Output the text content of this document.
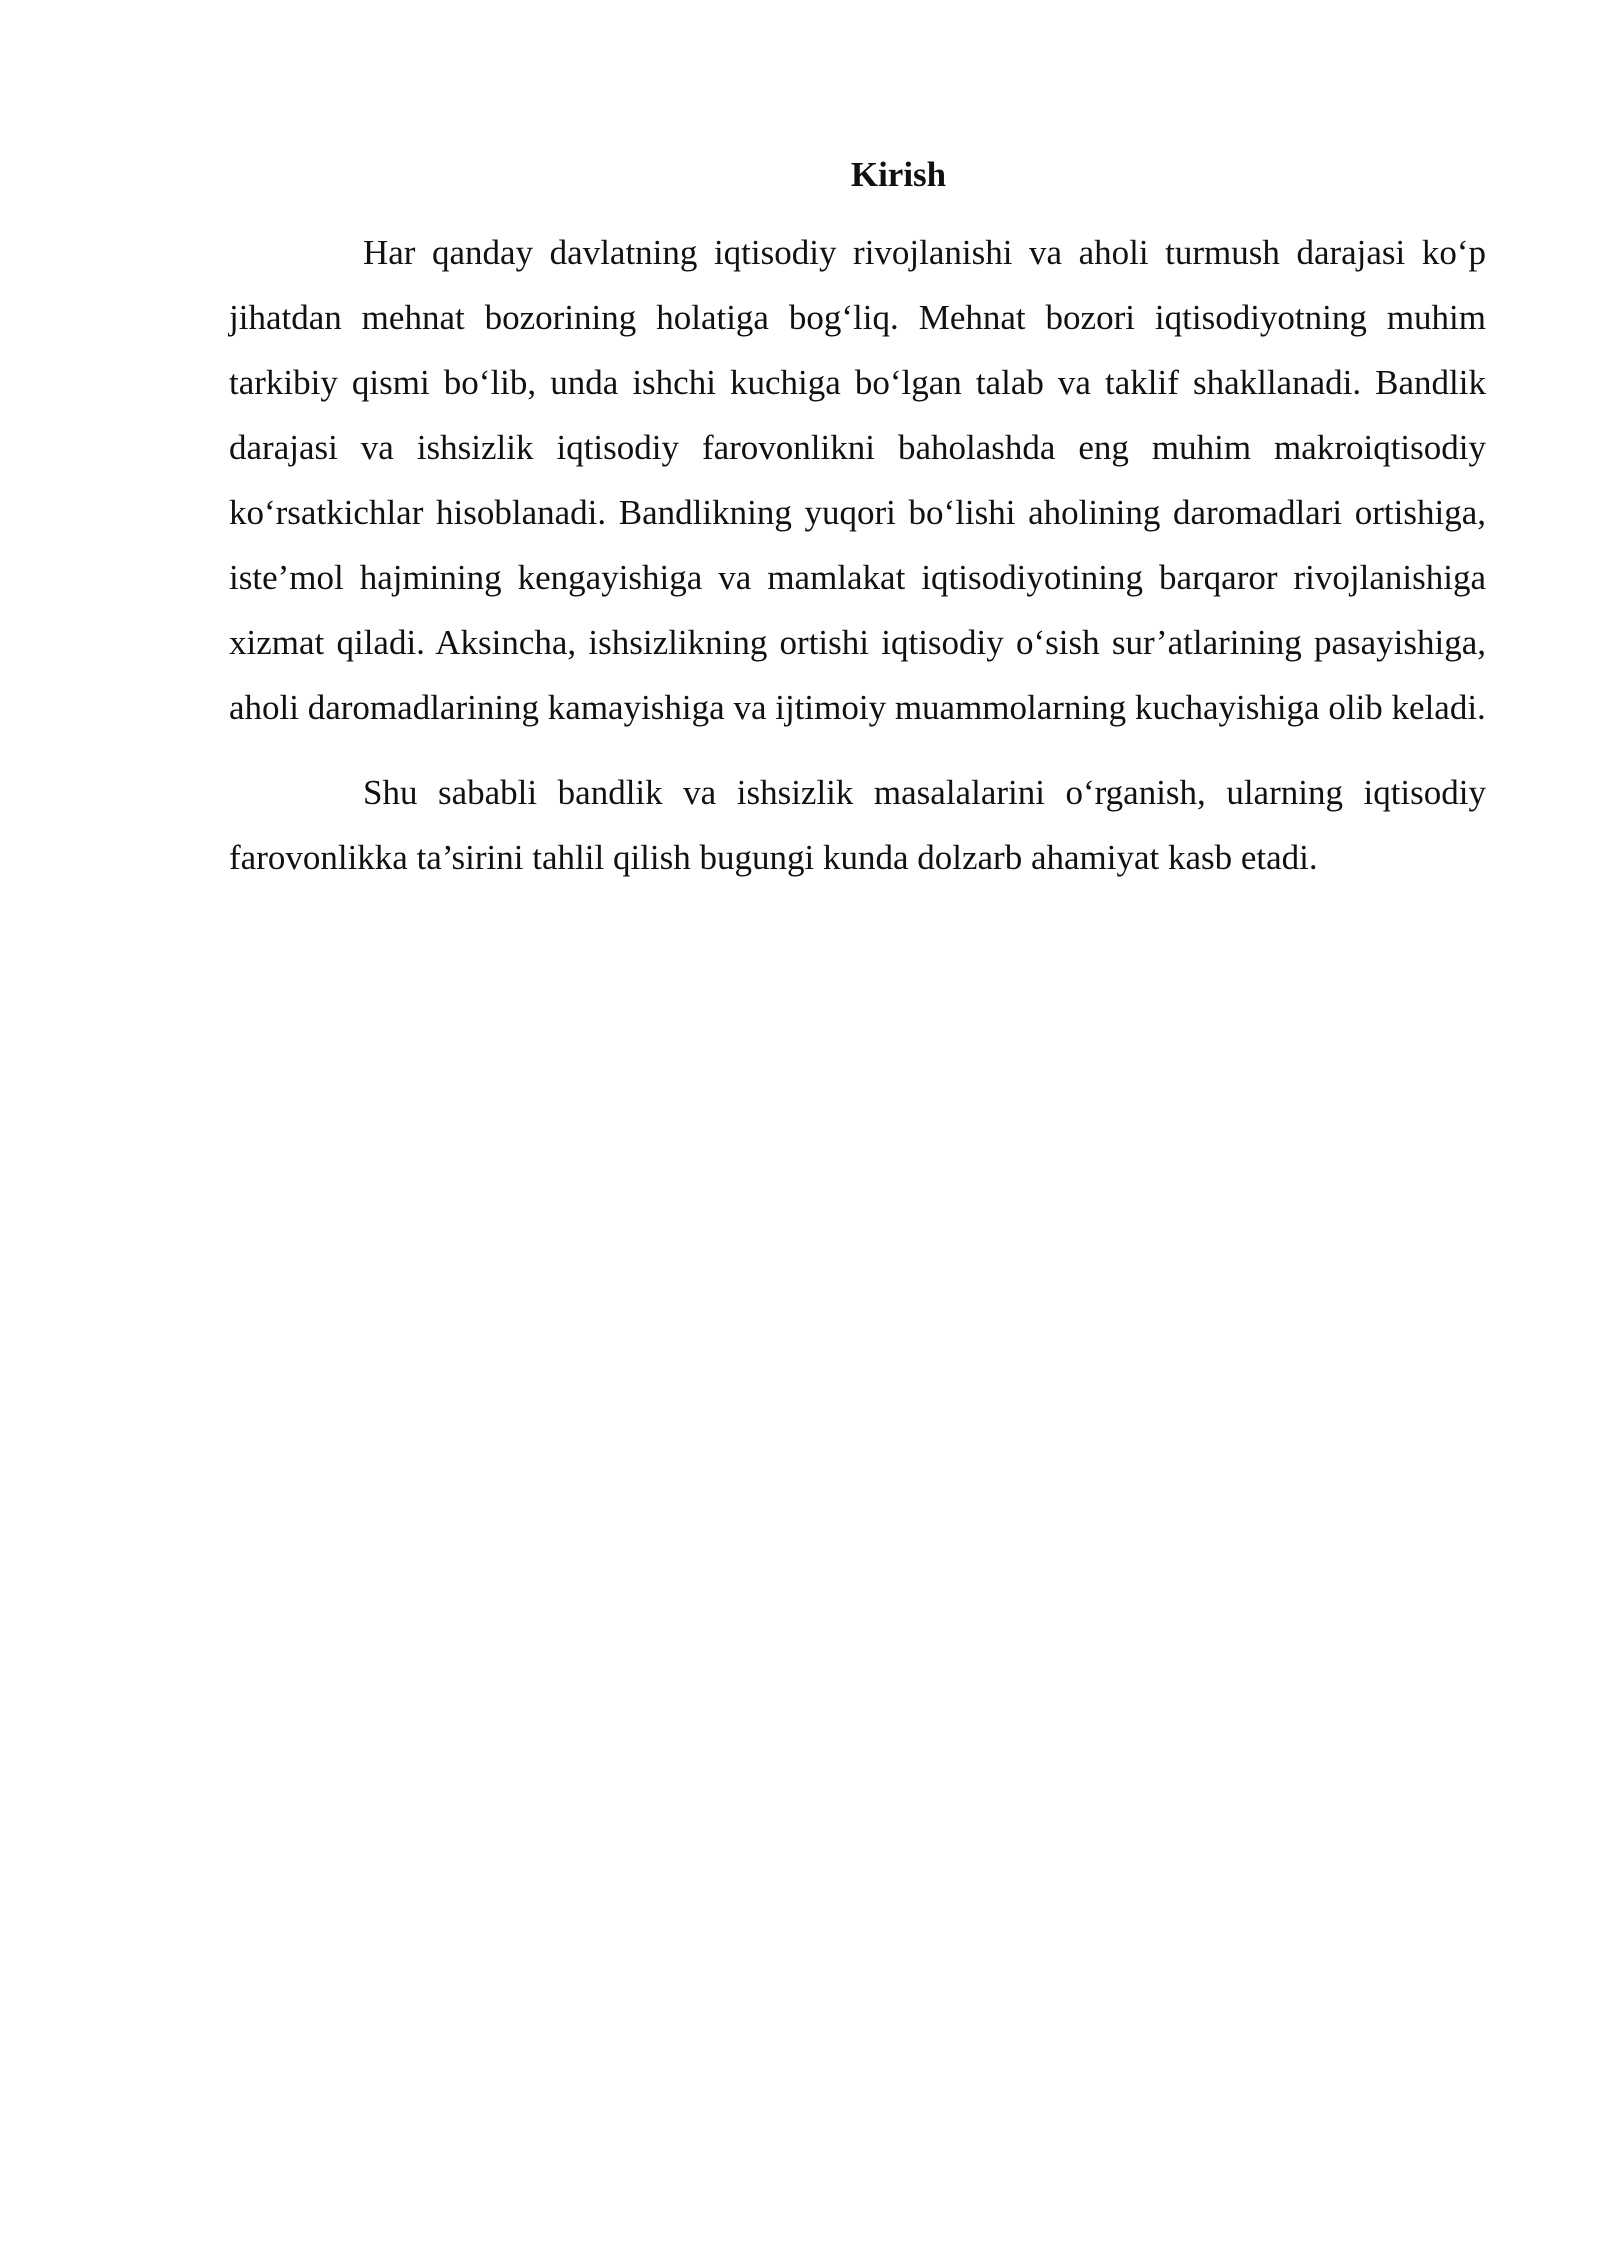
Kirish

Har qanday davlatning iqtisodiy rivojlanishi va aholi turmush darajasi ko‘p jihatdan mehnat bozorining holatiga bog‘liq. Mehnat bozori iqtisodiyotning muhim tarkibiy qismi bo‘lib, unda ishchi kuchiga bo‘lgan talab va taklif shakllanadi. Bandlik darajasi va ishsizlik iqtisodiy farovonlikni baholashda eng muhim makroiqtisodiy ko‘rsatkichlar hisoblanadi. Bandlikning yuqori bo‘lishi aholining daromadlari ortishiga, iste’mol hajmining kengayishiga va mamlakat iqtisodiyotining barqaror rivojlanishiga xizmat qiladi. Aksincha, ishsizlikning ortishi iqtisodiy o‘sish sur’atlarining pasayishiga, aholi daromadlarining kamayishiga va ijtimoiy muammolarning kuchayishiga olib keladi.

Shu sababli bandlik va ishsizlik masalalarini o‘rganish, ularning iqtisodiy farovonlikka ta’sirini tahlil qilish bugungi kunda dolzarb ahamiyat kasb etadi.
